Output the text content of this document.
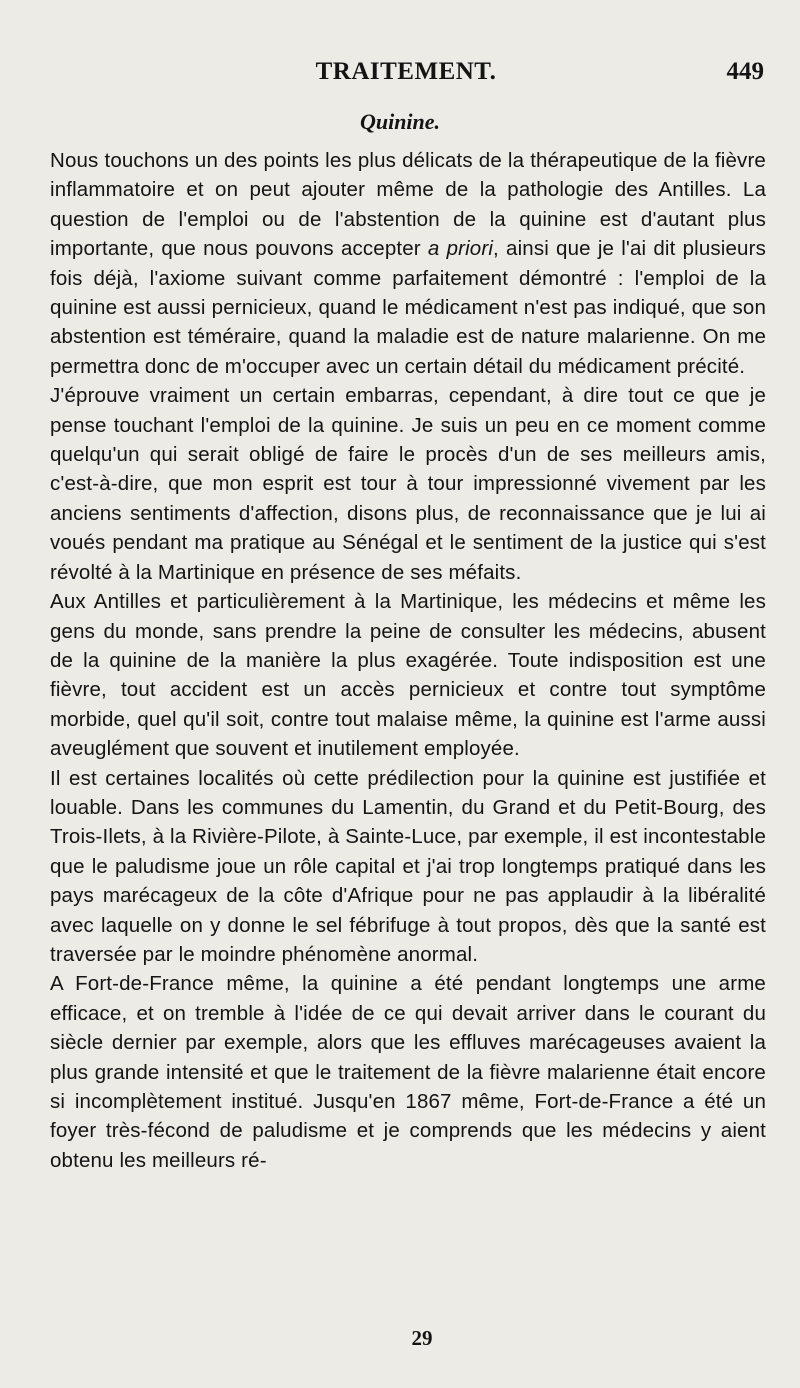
TRAITEMENT.	449
Quinine.

Nous touchons un des points les plus délicats de la thérapeutique de la fièvre inflammatoire et on peut ajouter même de la pathologie des Antilles. La question de l'emploi ou de l'abstention de la quinine est d'autant plus importante, que nous pouvons accepter a priori, ainsi que je l'ai dit plusieurs fois déjà, l'axiome suivant comme parfaitement démontré : l'emploi de la quinine est aussi pernicieux, quand le médicament n'est pas indiqué, que son abstention est téméraire, quand la maladie est de nature malarienne. On me permettra donc de m'occuper avec un certain détail du médicament précité.

J'éprouve vraiment un certain embarras, cependant, à dire tout ce que je pense touchant l'emploi de la quinine. Je suis un peu en ce moment comme quelqu'un qui serait obligé de faire le procès d'un de ses meilleurs amis, c'est-à-dire, que mon esprit est tour à tour impressionné vivement par les anciens sentiments d'affection, disons plus, de reconnaissance que je lui ai voués pendant ma pratique au Sénégal et le sentiment de la justice qui s'est révolté à la Martinique en présence de ses méfaits.

Aux Antilles et particulièrement à la Martinique, les médecins et même les gens du monde, sans prendre la peine de consulter les médecins, abusent de la quinine de la manière la plus exagérée. Toute indisposition est une fièvre, tout accident est un accès pernicieux et contre tout symptôme morbide, quel qu'il soit, contre tout malaise même, la quinine est l'arme aussi aveuglément que souvent et inutilement employée.

Il est certaines localités où cette prédilection pour la quinine est justifiée et louable. Dans les communes du Lamentin, du Grand et du Petit-Bourg, des Trois-Ilets, à la Rivière-Pilote, à Sainte-Luce, par exemple, il est incontestable que le paludisme joue un rôle capital et j'ai trop longtemps pratiqué dans les pays marécageux de la côte d'Afrique pour ne pas applaudir à la libéralité avec laquelle on y donne le sel fébrifuge à tout propos, dès que la santé est traversée par le moindre phénomène anormal.

A Fort-de-France même, la quinine a été pendant longtemps une arme efficace, et on tremble à l'idée de ce qui devait arriver dans le courant du siècle dernier par exemple, alors que les effluves marécageuses avaient la plus grande intensité et que le traitement de la fièvre malarienne était encore si incomplètement institué. Jusqu'en 1867 même, Fort-de-France a été un foyer très-fécond de paludisme et je comprends que les médecins y aient obtenu les meilleurs ré-

29
